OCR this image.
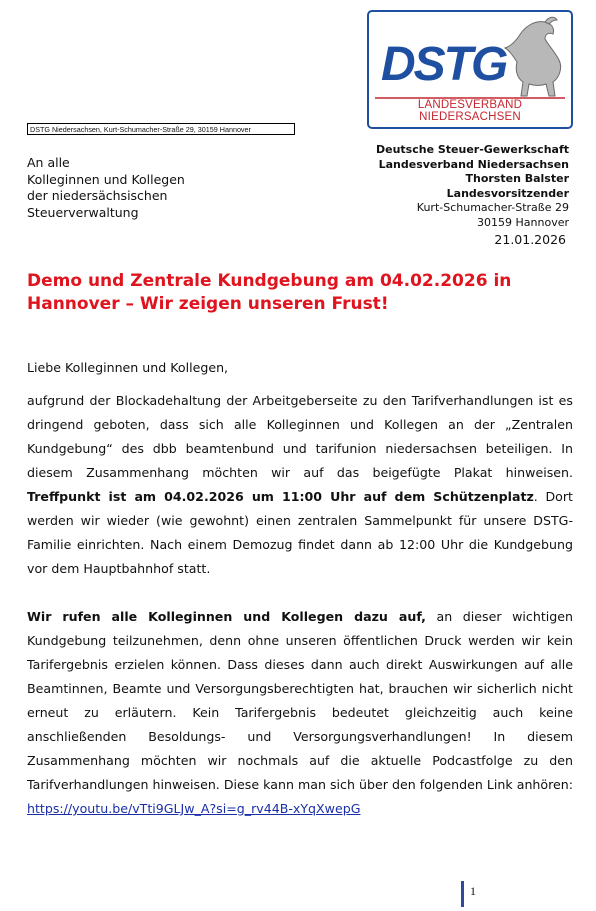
DSTG
LANDESVERBAND NIEDERSACHSEN
DSTG Niedersachsen, Kurt-Schumacher-Straße 29, 30159 Hannover
An alle
Kolleginnen und Kollegen
der niedersächsischen
Steuerverwaltung
Deutsche Steuer-Gewerkschaft
Landesverband Niedersachsen
Thorsten Balster
Landesvorsitzender
Kurt-Schumacher-Straße 29
30159 Hannover
21.01.2026
Demo und Zentrale Kundgebung am 04.02.2026 in
Hannover – Wir zeigen unseren Frust!

Liebe Kolleginnen und Kollegen,

aufgrund der Blockadehaltung der Arbeitgeberseite zu den Tarifverhandlungen ist es dringend geboten, dass sich alle Kolleginnen und Kollegen an der „Zentralen Kundgebung“ des dbb beamtenbund und tarifunion niedersachsen beteiligen. In diesem Zusammenhang möchten wir auf das beigefügte Plakat hinweisen. Treffpunkt ist am 04.02.2026 um 11:00 Uhr auf dem Schützenplatz. Dort werden wir wieder (wie gewohnt) einen zentralen Sammelpunkt für unsere DSTG-Familie einrichten. Nach einem Demozug findet dann ab 12:00 Uhr die Kundgebung vor dem Hauptbahnhof statt.

Wir rufen alle Kolleginnen und Kollegen dazu auf, an dieser wichtigen Kundgebung teilzunehmen, denn ohne unseren öffentlichen Druck werden wir kein Tarifergebnis erzielen können. Dass dieses dann auch direkt Auswirkungen auf alle Beamtinnen, Beamte und Versorgungsberechtigten hat, brauchen wir sicherlich nicht erneut zu erläutern. Kein Tarifergebnis bedeutet gleichzeitig auch keine anschließenden Besoldungs- und Versorgungsverhandlungen! In diesem Zusammenhang möchten wir nochmals auf die aktuelle Podcastfolge zu den Tarifverhandlungen hinweisen. Diese kann man sich über den folgenden Link anhören: https://youtu.be/vTti9GLJw_A?si=g_rv44B-xYqXwepG

1
